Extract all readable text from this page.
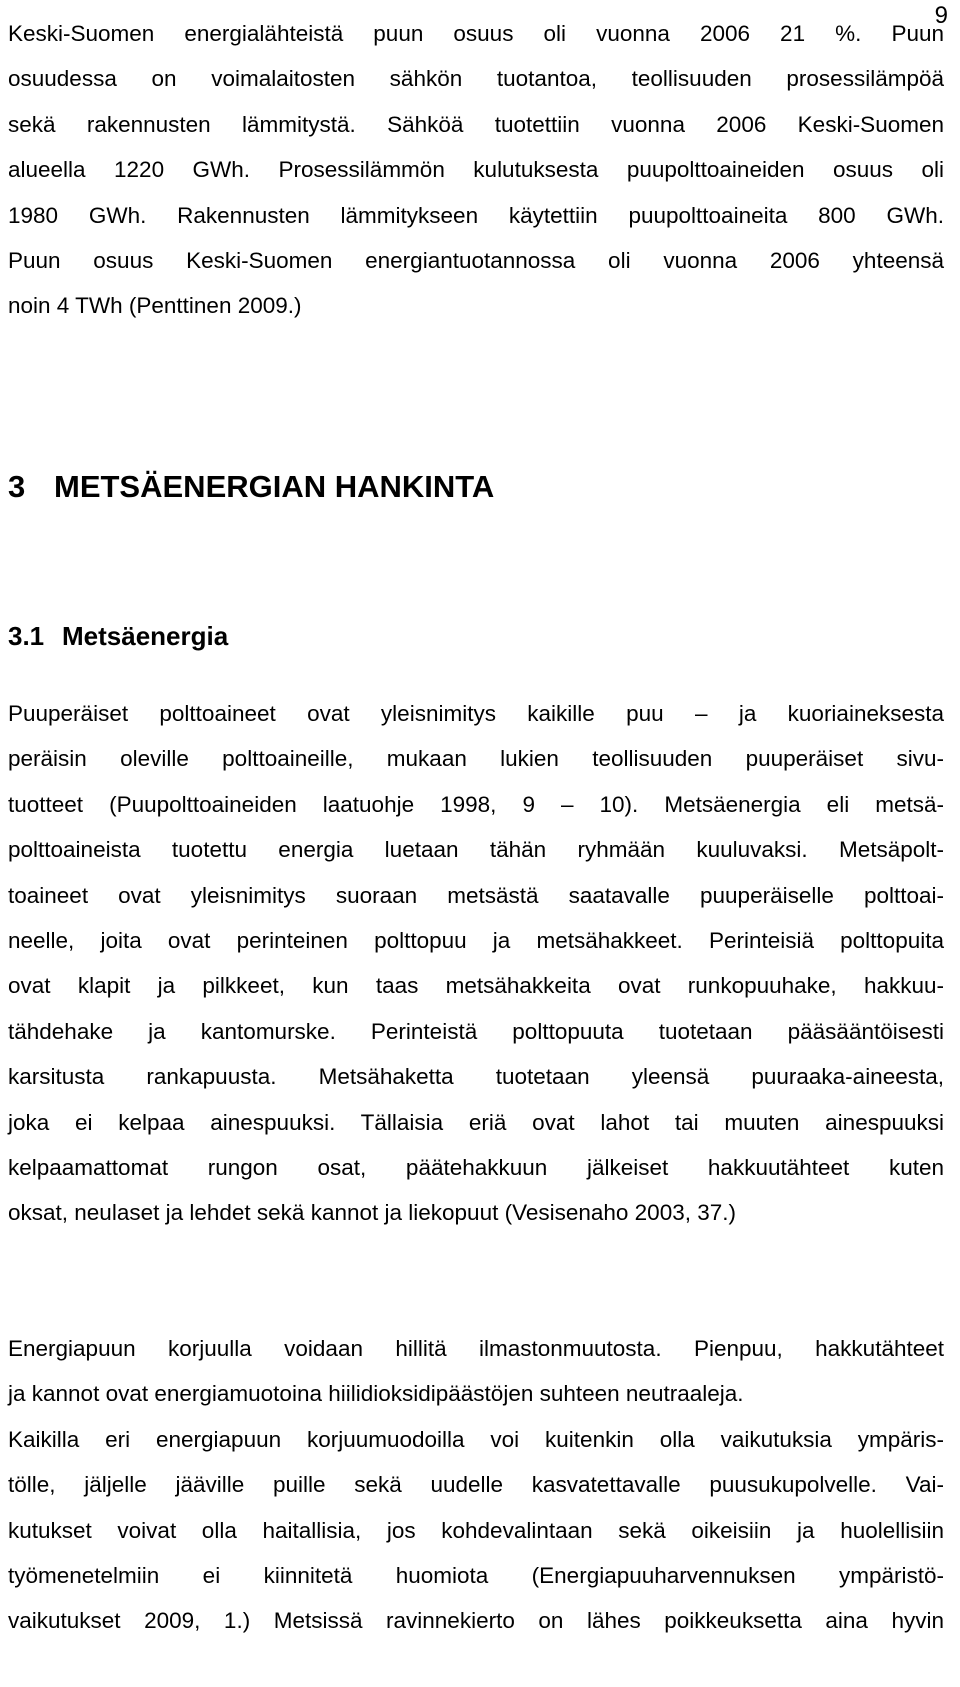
9

Keski-Suomen energialähteistä puun osuus oli vuonna 2006 21 %. Puun
osuudessa on voimalaitosten sähkön tuotantoa, teollisuuden prosessilämpöä
sekä rakennusten lämmitystä. Sähköä tuotettiin vuonna 2006 Keski-Suomen
alueella 1220 GWh. Prosessilämmön kulutuksesta puupolttoaineiden osuus oli
1980 GWh. Rakennusten lämmitykseen käytettiin puupolttoaineita 800 GWh.
Puun osuus Keski-Suomen energiantuotannossa oli vuonna 2006 yhteensä
noin 4 TWh (Penttinen 2009.)

3 METSÄENERGIAN HANKINTA
3.1 Metsäenergia

Puuperäiset polttoaineet ovat yleisnimitys kaikille puu – ja kuoriaineksesta
peräisin oleville polttoaineille, mukaan lukien teollisuuden puuperäiset sivu-
tuotteet (Puupolttoaineiden laatuohje 1998, 9 – 10). Metsäenergia eli metsä-
polttoaineista tuotettu energia luetaan tähän ryhmään kuuluvaksi. Metsäpolt-
toaineet ovat yleisnimitys suoraan metsästä saatavalle puuperäiselle polttoai-
neelle, joita ovat perinteinen polttopuu ja metsähakkeet. Perinteisiä polttopuita
ovat klapit ja pilkkeet, kun taas metsähakkeita ovat runkopuuhake, hakkuu-
tähdehake ja kantomurske. Perinteistä polttopuuta tuotetaan pääsääntöisesti
karsitusta rankapuusta. Metsähaketta tuotetaan yleensä puuraaka-aineesta,
joka ei kelpaa ainespuuksi. Tällaisia eriä ovat lahot tai muuten ainespuuksi
kelpaamattomat rungon osat, päätehakkuun jälkeiset hakkuutähteet kuten
oksat, neulaset ja lehdet sekä kannot ja liekopuut (Vesisenaho 2003, 37.)

Energiapuun korjuulla voidaan hillitä ilmastonmuutosta. Pienpuu, hakkutähteet
ja kannot ovat energiamuotoina hiilidioksidipäästöjen suhteen neutraaleja.
Kaikilla eri energiapuun korjuumuodoilla voi kuitenkin olla vaikutuksia ympäris-
tölle, jäljelle jääville puille sekä uudelle kasvatettavalle puusukupolvelle. Vai-
kutukset voivat olla haitallisia, jos kohdevalintaan sekä oikeisiin ja huolellisiin
työmenetelmiin ei kiinnitetä huomiota (Energiapuuharvennuksen ympäristö-
vaikutukset 2009, 1.) Metsissä ravinnekierto on lähes poikkeuksetta aina hyvin
